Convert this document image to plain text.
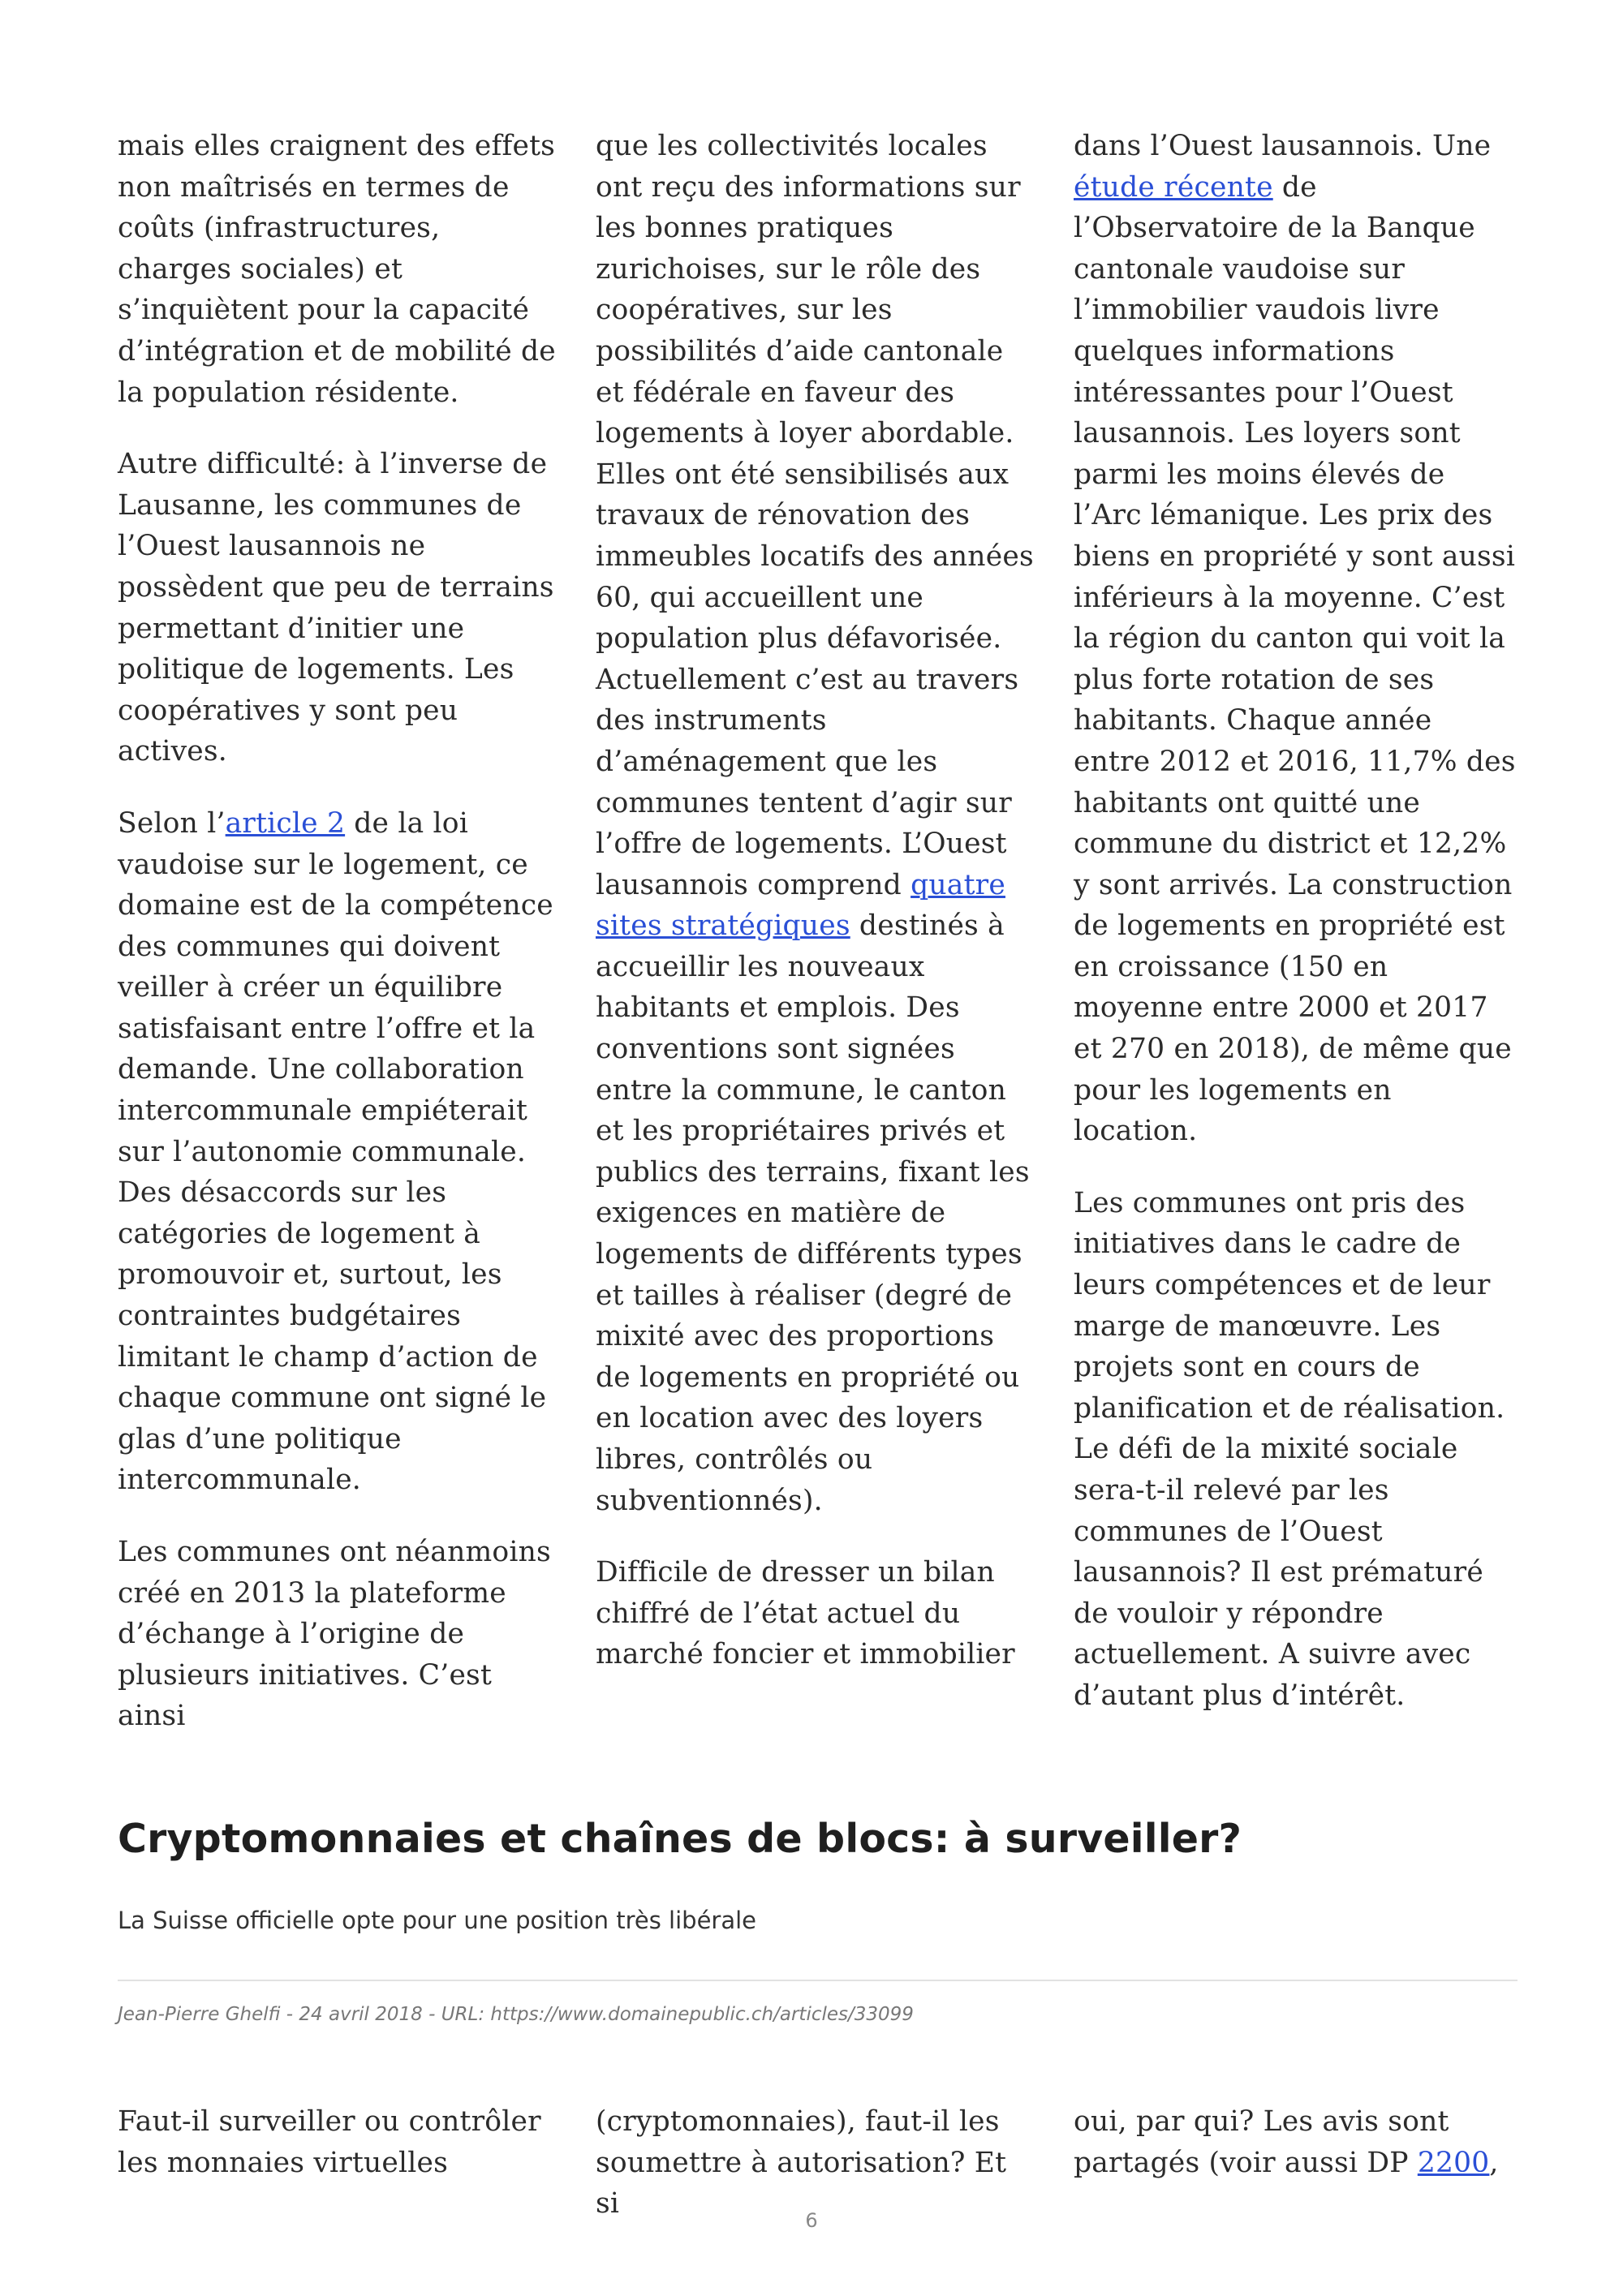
mais elles craignent des effets non maîtrisés en termes de coûts (infrastructures, charges sociales) et s’inquiètent pour la capacité d’intégration et de mobilité de la population résidente.

Autre difficulté: à l’inverse de Lausanne, les communes de l’Ouest lausannois ne possèdent que peu de terrains permettant d’initier une politique de logements. Les coopératives y sont peu actives.

Selon l’article 2 de la loi vaudoise sur le logement, ce domaine est de la compétence des communes qui doivent veiller à créer un équilibre satisfaisant entre l’offre et la demande. Une collaboration intercommunale empiéterait sur l’autonomie communale. Des désaccords sur les catégories de logement à promouvoir et, surtout, les contraintes budgétaires limitant le champ d’action de chaque commune ont signé le glas d’une politique intercommunale.

Les communes ont néanmoins créé en 2013 la plateforme d’échange à l’origine de plusieurs initiatives. C’est ainsi

que les collectivités locales ont reçu des informations sur les bonnes pratiques zurichoises, sur le rôle des coopératives, sur les possibilités d’aide cantonale et fédérale en faveur des logements à loyer abordable. Elles ont été sensibilisés aux travaux de rénovation des immeubles locatifs des années 60, qui accueillent une population plus défavorisée.

Actuellement c’est au travers des instruments d’aménagement que les communes tentent d’agir sur l’offre de logements. L’Ouest lausannois comprend quatre sites stratégiques destinés à accueillir les nouveaux habitants et emplois. Des conventions sont signées entre la commune, le canton et les propriétaires privés et publics des terrains, fixant les exigences en matière de logements de différents types et tailles à réaliser (degré de mixité avec des proportions de logements en propriété ou en location avec des loyers libres, contrôlés ou subventionnés).

Difficile de dresser un bilan chiffré de l’état actuel du marché foncier et immobilier

dans l’Ouest lausannois. Une étude récente de l’Observatoire de la Banque cantonale vaudoise sur l’immobilier vaudois livre quelques informations intéressantes pour l’Ouest lausannois. Les loyers sont parmi les moins élevés de l’Arc lémanique. Les prix des biens en propriété y sont aussi inférieurs à la moyenne. C’est la région du canton qui voit la plus forte rotation de ses habitants. Chaque année entre 2012 et 2016, 11,7% des habitants ont quitté une commune du district et 12,2% y sont arrivés. La construction de logements en propriété est en croissance (150 en moyenne entre 2000 et 2017 et 270 en 2018), de même que pour les logements en location.

Les communes ont pris des initiatives dans le cadre de leurs compétences et de leur marge de manœuvre. Les projets sont en cours de planification et de réalisation. Le défi de la mixité sociale sera-t-il relevé par les communes de l’Ouest lausannois? Il est prématuré de vouloir y répondre actuellement. A suivre avec d’autant plus d’intérêt.

Cryptomonnaies et chaînes de blocs: à surveiller?
La Suisse officielle opte pour une position très libérale
Jean-Pierre Ghelfi - 24 avril 2018 - URL: https://www.domainepublic.ch/articles/33099

Faut-il surveiller ou contrôler les monnaies virtuelles

(cryptomonnaies), faut-il les soumettre à autorisation? Et si

oui, par qui? Les avis sont partagés (voir aussi DP 2200,

6
